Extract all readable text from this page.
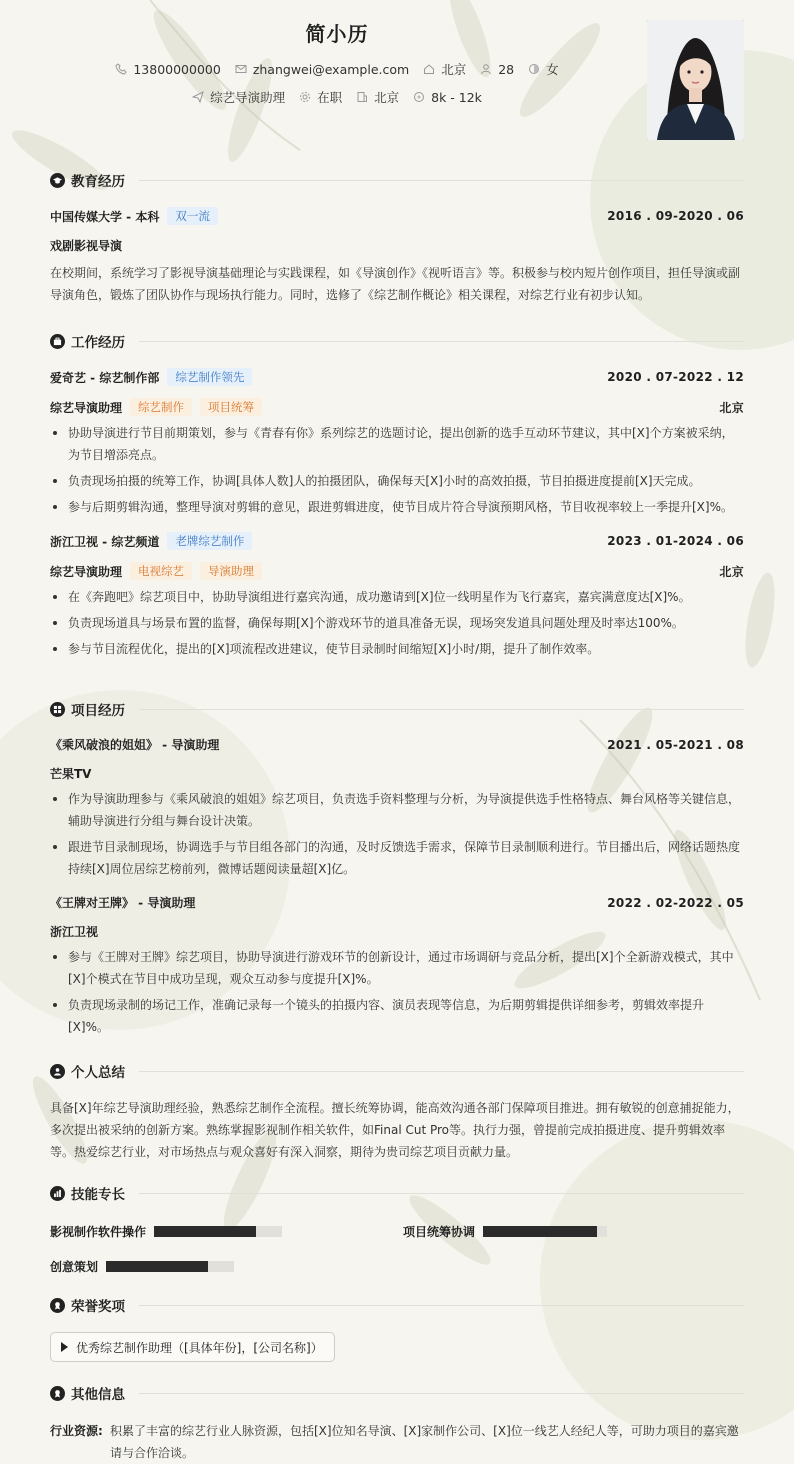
简小历
13800000000	zhangwei@example.com	北京	28	女
综艺导演助理	在职	北京	8k - 12k
教育经历
中国传媒大学 - 本科	双一流	2016 . 09-2020 . 06
戏剧影视导演

在校期间，系统学习了影视导演基础理论与实践课程，如《导演创作》《视听语言》等。积极参与校内短片创作项目，担任导演或副导演角色，锻炼了团队协作与现场执行能力。同时，选修了《综艺制作概论》相关课程，对综艺行业有初步认知。

工作经历
爱奇艺 - 综艺制作部	综艺制作领先	2020 . 07-2022 . 12
综艺导演助理	综艺制作	项目统筹	北京
协助导演进行节目前期策划，参与《青春有你》系列综艺的选题讨论，提出创新的选手互动环节建议，其中[X]个方案被采纳，为节目增添亮点。
负责现场拍摄的统筹工作，协调[具体人数]人的拍摄团队，确保每天[X]小时的高效拍摄，节目拍摄进度提前[X]天完成。
参与后期剪辑沟通，整理导演对剪辑的意见，跟进剪辑进度，使节目成片符合导演预期风格，节目收视率较上一季提升[X]%。
浙江卫视 - 综艺频道	老牌综艺制作	2023 . 01-2024 . 06
综艺导演助理	电视综艺	导演助理	北京
在《奔跑吧》综艺项目中，协助导演组进行嘉宾沟通，成功邀请到[X]位一线明星作为飞行嘉宾，嘉宾满意度达[X]%。
负责现场道具与场景布置的监督，确保每期[X]个游戏环节的道具准备无误，现场突发道具问题处理及时率达100%。
参与节目流程优化，提出的[X]项流程改进建议，使节目录制时间缩短[X]小时/期，提升了制作效率。
项目经历
《乘风破浪的姐姐》 - 导演助理	2021 . 05-2021 . 08
芒果TV
作为导演助理参与《乘风破浪的姐姐》综艺项目，负责选手资料整理与分析，为导演提供选手性格特点、舞台风格等关键信息，辅助导演进行分组与舞台设计决策。
跟进节目录制现场，协调选手与节目组各部门的沟通，及时反馈选手需求，保障节目录制顺利进行。节目播出后，网络话题热度持续[X]周位居综艺榜前列，微博话题阅读量超[X]亿。
《王牌对王牌》 - 导演助理	2022 . 02-2022 . 05
浙江卫视
参与《王牌对王牌》综艺项目，协助导演进行游戏环节的创新设计，通过市场调研与竞品分析，提出[X]个全新游戏模式，其中[X]个模式在节目中成功呈现，观众互动参与度提升[X]%。
负责现场录制的场记工作，准确记录每一个镜头的拍摄内容、演员表现等信息，为后期剪辑提供详细参考，剪辑效率提升[X]%。
个人总结

具备[X]年综艺导演助理经验，熟悉综艺制作全流程。擅长统筹协调，能高效沟通各部门保障项目推进。拥有敏锐的创意捕捉能力，多次提出被采纳的创新方案。熟练掌握影视制作相关软件，如Final Cut Pro等。执行力强，曾提前完成拍摄进度、提升剪辑效率等。热爱综艺行业，对市场热点与观众喜好有深入洞察，期待为贵司综艺项目贡献力量。

技能专长
影视制作软件操作	项目统筹协调
创意策划
荣誉奖项
优秀综艺制作助理（[具体年份]，[公司名称]）
其他信息
行业资源: 积累了丰富的综艺行业人脉资源，包括[X]位知名导演、[X]家制作公司、[X]位一线艺人经纪人等，可助力项目的嘉宾邀请与合作洽谈。
